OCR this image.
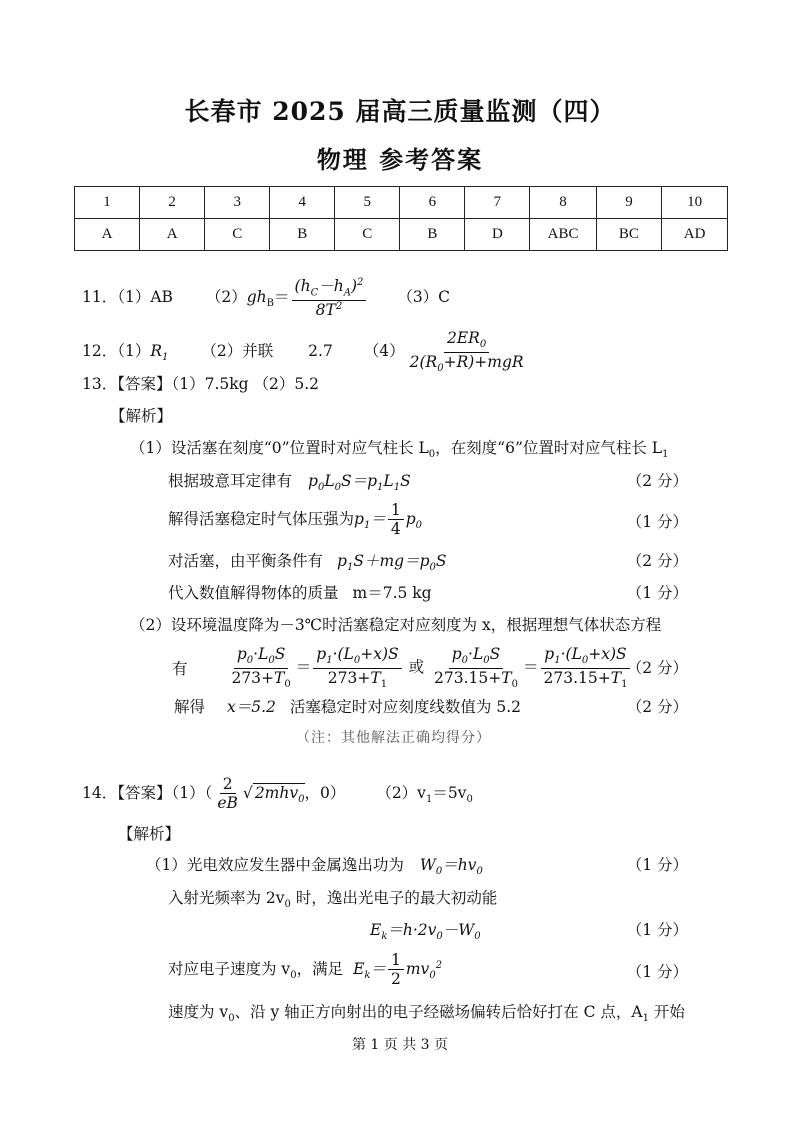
长春市 2025 届高三质量监测（四）
物理 参考答案
1	2	3	4	5	6	7	8	9	10
A	A	C	B	C	B	D	ABC	BC	AD
11．（1）AB $(2)gh_B= \frac{(h_C-h_A)^2}{8T^2} (3)C$
12．$(1)R_1$ （2）并联 2.7 $(4) \frac{2ER_0}{2(R_0+R)+mgR}$
13．【答案】（1）7.5kg （2）5.2
【解析】
（1）设活塞在刻度“0”位置时对应气柱长 $L_0$，在刻度“6”位置时对应气柱长 $L_1$
根据玻意耳定律有 $p_0L_0S=p_1L_1S$	（2 分）
解得活塞稳定时气体压强为$p_1= \frac{1}{4} p_0$	（1 分）
对活塞，由平衡条件有 $p_1S+mg=p_0S$	（2 分）
代入数值解得物体的质量 m＝7.5 kg	（1 分）
（2）设环境温度降为－3℃时活塞稳定对应刻度为 x，根据理想气体状态方程
有	$\frac{p_0\cdot L_0S}{273+T_0} = \frac{p_1\cdot(L_0+x)S}{273+T_1}$ 或 $\frac{p_0\cdot L_0S}{273.15+T_0} = \frac{p_1\cdot(L_0+x)S}{273.15+T_1}$
（2 分）
解得 x＝5.2 活塞稳定时对应刻度线数值为 5.2	（2 分）
（注：其他解法正确均得分）
14．【答案】$(1)( \frac{2}{eB}$ √ 2mhv$_0$，0） $(2)v_1=5v_0$
【解析】
（1）光电效应发生器中金属逸出功为 $W_0=hv_0$	（1 分）
入射光频率为 $2v_0$ 时，逸出光电子的最大初动能
$E_k=h\cdot 2v_0-W_0$	（1 分）
对应电子速度为 $v_0$，满足 $E_k= \frac{1}{2} mv_0^2$	（1 分）
速度为 $v_0$、沿 y 轴正方向射出的电子经磁场偏转后恰好打在 C 点，$A_1$ 开始
第 1 页 共 3 页
